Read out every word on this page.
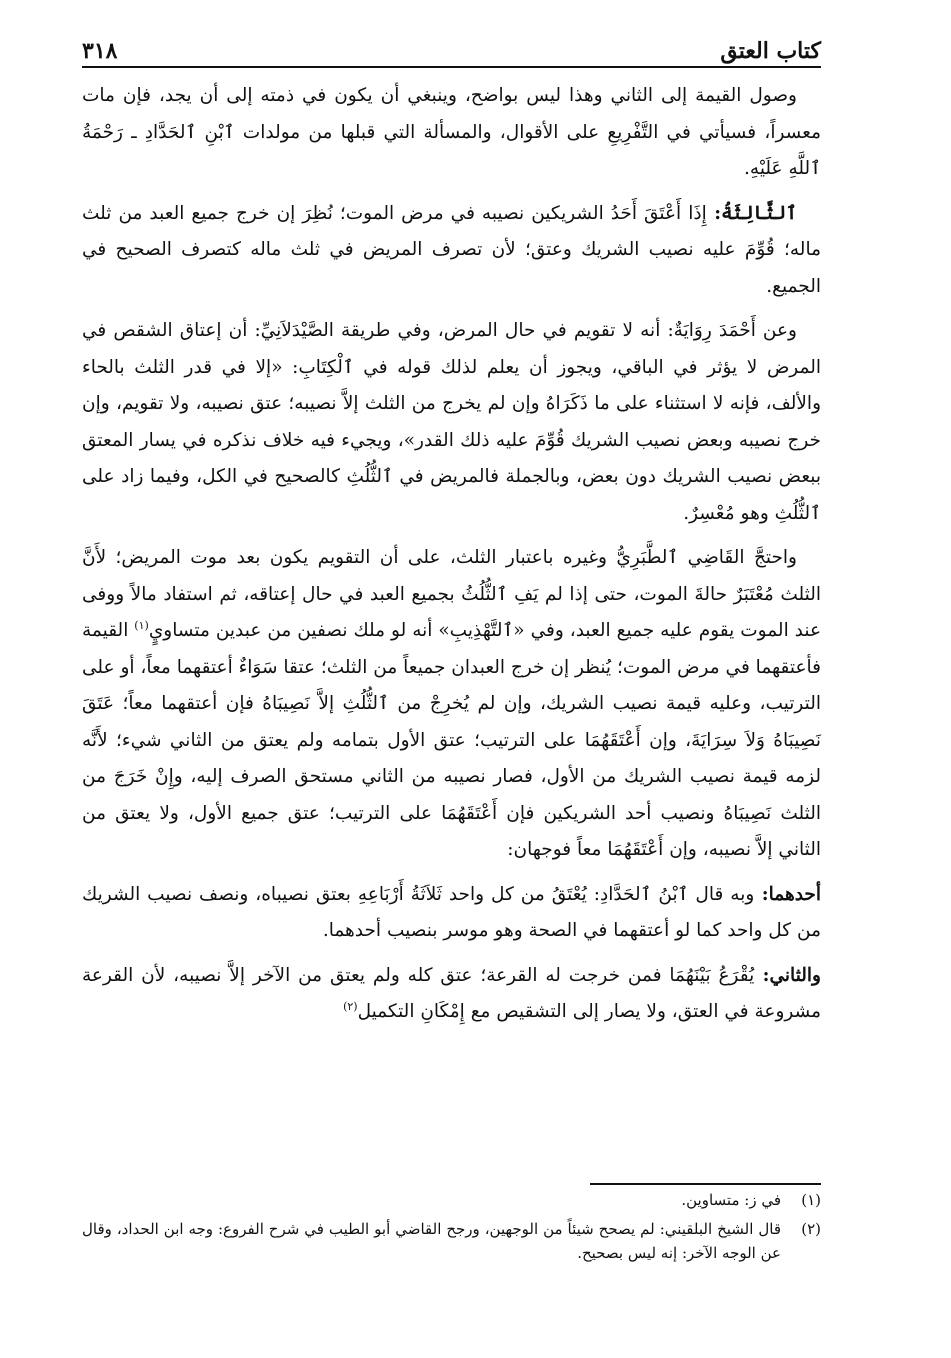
كتاب العتق
٣١٨

وصول القيمة إلى الثاني وهذا ليس بواضح، وينبغي أن يكون في ذمته إلى أن يجد، فإن مات معسراً، فسيأتي في التَّفْرِيعِ على الأقوال، والمسألة التي قبلها من مولدات ٱبْنِ ٱلحَدَّادِ ـ رَحْمَةُ ٱللَّهِ عَلَيْهِ.

ٱلثَّالِثَةُ: إِذَا أَعْتَقَ أَحَدُ الشريكين نصيبه في مرض الموت؛ نُظِرَ إن خرج جميع العبد من ثلث ماله؛ قُوِّمَ عليه نصيب الشريك وعتق؛ لأن تصرف المريض في ثلث ماله كتصرف الصحيح في الجميع.

وعن أَحْمَدَ رِوَايَةٌ: أنه لا تقويم في حال المرض، وفي طريقة الصَّيْدَلاَنِيِّ: أن إعتاق الشقص في المرض لا يؤثر في الباقي، ويجوز أن يعلم لذلك قوله في ٱلْكِتَابِ: «إلا في قدر الثلث بالحاء والألف، فإنه لا استثناء على ما ذَكَرَاهُ وإن لم يخرج من الثلث إلاَّ نصيبه؛ عتق نصيبه، ولا تقويم، وإن خرج نصيبه وبعض نصيب الشريك قُوِّمَ عليه ذلك القدر»، ويجيء فيه خلاف نذكره في يسار المعتق ببعض نصيب الشريك دون بعض، وبالجملة فالمريض في ٱلثُّلُثِ كالصحيح في الكل، وفيما زاد على ٱلثُّلُثِ وهو مُعْسِرٌ.

واحتجَّ القَاضِي ٱلطَّبَرِيُّ وغيره باعتبار الثلث، على أن التقويم يكون بعد موت المريض؛ لأَنَّ الثلث مُعْتَبَرٌ حالةَ الموت، حتى إذا لم يَفِ ٱلثُّلُثُ بجميع العبد في حال إعتاقه، ثم استفاد مالاً ووفى عند الموت يقوم عليه جميع العبد، وفي «ٱلتَّهْذِيبِ» أنه لو ملك نصفين من عبدين متساويٍ$^{(١)}$ القيمة فأعتقهما في مرض الموت؛ يُنظر إن خرج العبدان جميعاً من الثلث؛ عتقا سَوَاءٌ أعتقهما معاً، أو على الترتيب، وعليه قيمة نصيب الشريك، وإن لم يُخرِجْ من ٱلثُّلُثِ إلاَّ نَصِيبَاهُ فإن أعتقهما معاً؛ عَتَقَ نَصِيبَاهُ وَلاَ سِرَايَةَ، وإن أَعْتَقَهُمَا على الترتيب؛ عتق الأول بتمامه ولم يعتق من الثاني شيء؛ لأَنَّه لزمه قيمة نصيب الشريك من الأول، فصار نصيبه من الثاني مستحق الصرف إليه، وإِنْ خَرَجَ من الثلث نَصِيبَاهُ ونصيب أحد الشريكين فإن أَعْتَقَهُمَا على الترتيب؛ عتق جميع الأول، ولا يعتق من الثاني إلاَّ نصيبه، وإن أَعْتَقَهُمَا معاً فوجهان:

أحدهما: وبه قال ٱبْنُ ٱلحَدَّادِ: يُعْتَقُ من كل واحد ثَلاَثَةُ أَرْبَاعِهِ بعتق نصيباه، ونصف نصيب الشريك من كل واحد كما لو أعتقهما في الصحة وهو موسر بنصيب أحدهما.

والثاني: يُقْرَعُ بَيْنَهُمَا فمن خرجت له القرعة؛ عتق كله ولم يعتق من الآخر إلاَّ نصيبه، لأن القرعة مشروعة في العتق، ولا يصار إلى التشقيص مع إِمْكَانِ التكميل$^{(٢)}$

(١)
في ز: متساوين.
(٢)
قال الشيخ البلقيني: لم يصحح شيئاً من الوجهين، ورجح القاضي أبو الطيب في شرح الفروع: وجه ابن الحداد، وقال عن الوجه الآخر: إنه ليس بصحيح.
